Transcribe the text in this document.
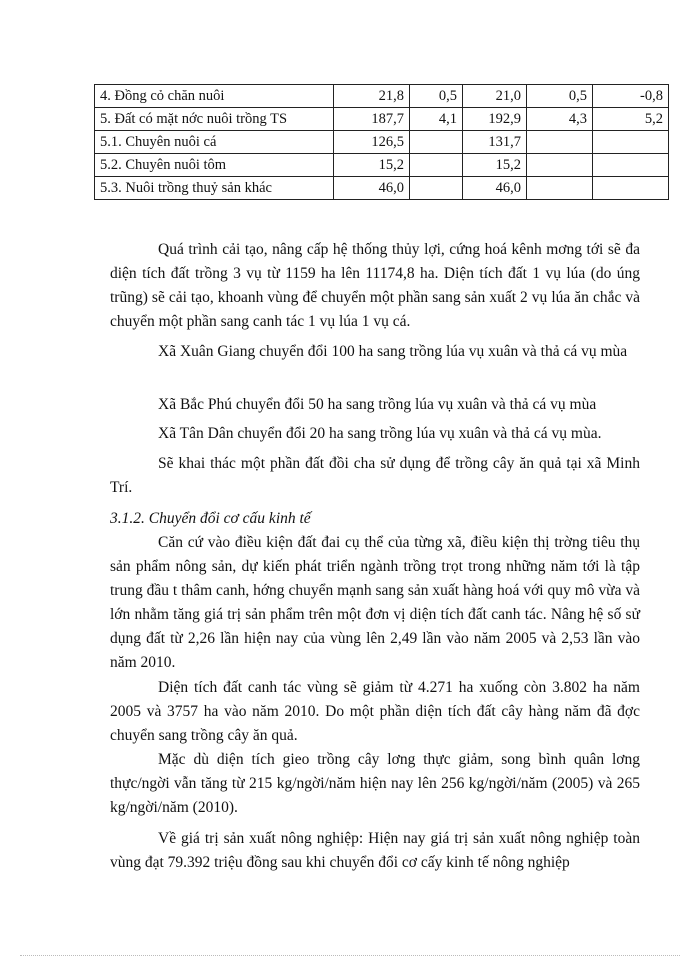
4. Đồng cỏ chăn nuôi	21,8	0,5	21,0	0,5	-0,8
5. Đất có mặt nớc nuôi trồng TS	187,7	4,1	192,9	4,3	5,2
5.1. Chuyên nuôi cá	126,5		131,7		
5.2. Chuyên nuôi tôm	15,2		15,2		
5.3. Nuôi trồng thuỷ sản khác	46,0		46,0		

Quá trình cải tạo, nâng cấp hệ thống thủy lợi, cứng hoá kênh mơng tới sẽ đa diện tích đất trồng 3 vụ từ 1159 ha lên 11174,8 ha. Diện tích đất 1 vụ lúa (do úng trũng) sẽ cải tạo, khoanh vùng để chuyển một phần sang sản xuất 2 vụ lúa ăn chắc và chuyển một phần sang canh tác 1 vụ lúa 1 vụ cá.

Xã Xuân Giang chuyển đổi 100 ha sang trồng lúa vụ xuân và thả cá vụ mùa

Xã Bắc Phú chuyển đổi 50 ha sang trồng lúa vụ xuân và thả cá vụ mùa

Xã Tân Dân chuyển đổi 20 ha sang trồng lúa vụ xuân và thả cá vụ mùa.

Sẽ khai thác một phần đất đồi cha sử dụng để trồng cây ăn quả tại xã Minh Trí.

3.1.2. Chuyển đổi cơ cấu kinh tế

Căn cứ vào điều kiện đất đai cụ thể của từng xã, điều kiện thị trờng tiêu thụ sản phẩm nông sản, dự kiến phát triển ngành trồng trọt trong những năm tới là tập trung đầu t thâm canh, hớng chuyển mạnh sang sản xuất hàng hoá với quy mô vừa và lớn nhằm tăng giá trị sản phẩm trên một đơn vị diện tích đất canh tác. Nâng hệ số sử dụng đất từ 2,26 lần hiện nay của vùng lên 2,49 lần vào năm 2005 và 2,53 lần vào năm 2010.

Diện tích đất canh tác vùng sẽ giảm từ 4.271 ha xuống còn 3.802 ha năm 2005 và 3757 ha vào năm 2010. Do một phần diện tích đất cây hàng năm đã đợc chuyển sang trồng cây ăn quả.

Mặc dù diện tích gieo trồng cây lơng thực giảm, song bình quân lơng thực/ngời vẫn tăng từ 215 kg/ngời/năm hiện nay lên 256 kg/ngời/năm (2005) và 265 kg/ngời/năm (2010).

Về giá trị sản xuất nông nghiệp: Hiện nay giá trị sản xuất nông nghiệp toàn vùng đạt 79.392 triệu đồng sau khi chuyển đổi cơ cấy kinh tế nông nghiệp
